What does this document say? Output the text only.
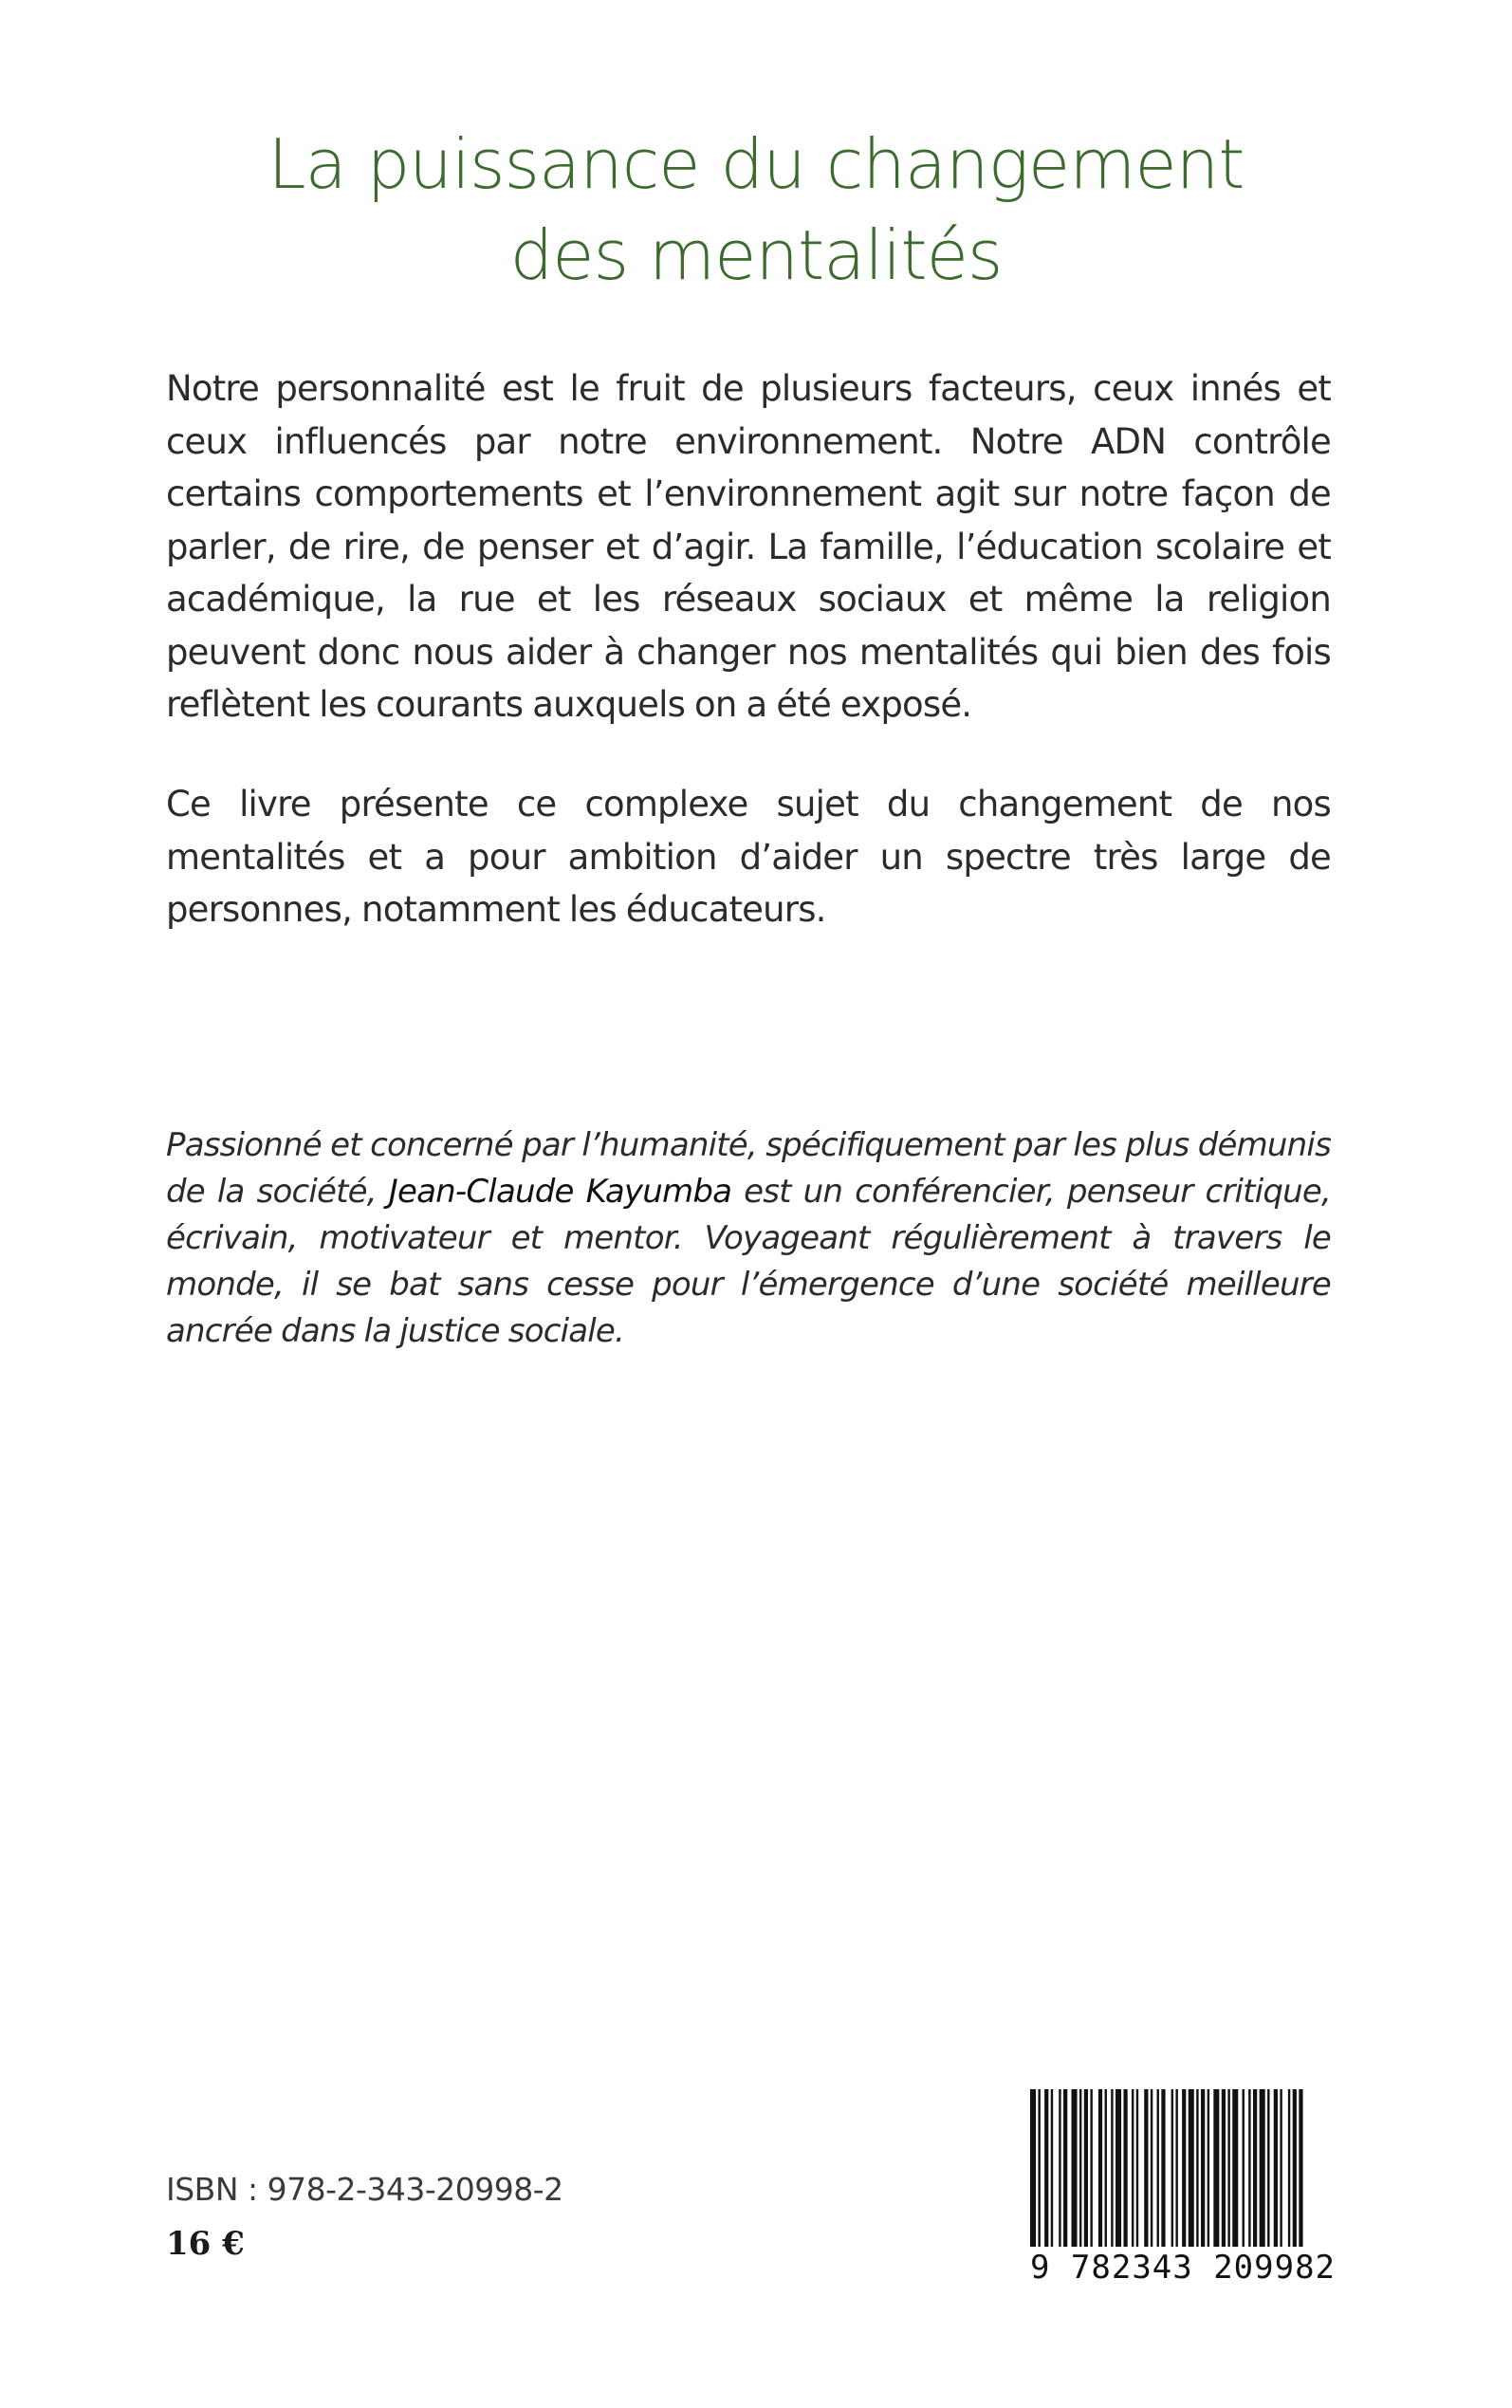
La puissance du changement
des mentalités

Notre personnalité est le fruit de plusieurs facteurs, ceux innés et ceux influencés par notre environnement. Notre ADN contrôle certains comportements et l’environnement agit sur notre façon de parler, de rire, de penser et d’agir. La famille, l’éducation scolaire et académique, la rue et les réseaux sociaux et même la religion peuvent donc nous aider à changer nos mentalités qui bien des fois reflètent les courants auxquels on a été exposé.

Ce livre présente ce complexe sujet du changement de nos mentalités et a pour ambition d’aider un spectre très large de personnes, notamment les éducateurs.

Passionné et concerné par l’humanité, spécifiquement par les plus démunis de la société, Jean-Claude Kayumba est un conférencier, penseur critique, écrivain, motivateur et mentor. Voyageant régulièrement à travers le monde, il se bat sans cesse pour l’émergence d’une société meilleure ancrée dans la justice sociale.

ISBN : 978-2-343-20998-2
16 €
9 782343 209982
